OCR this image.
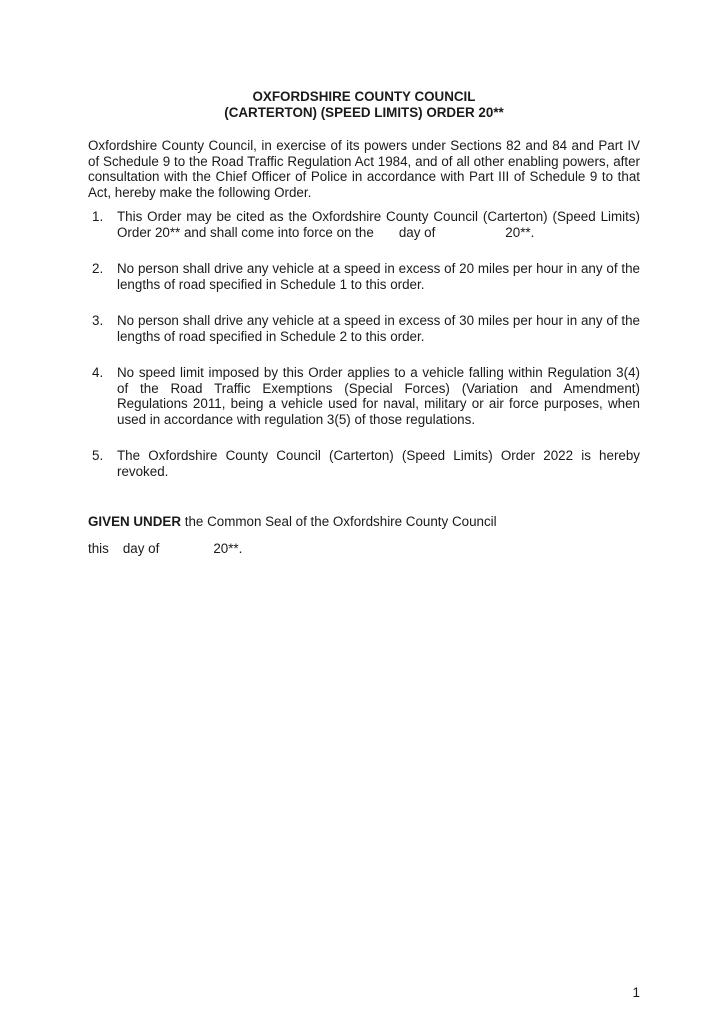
OXFORDSHIRE COUNTY COUNCIL
(CARTERTON) (SPEED LIMITS) ORDER 20**

Oxfordshire County Council, in exercise of its powers under Sections 82 and 84 and Part IV of Schedule 9 to the Road Traffic Regulation Act 1984, and of all other enabling powers, after consultation with the Chief Officer of Police in accordance with Part III of Schedule 9 to that Act, hereby make the following Order.

1.	This Order may be cited as the Oxfordshire County Council (Carterton) (Speed Limits) Order 20** and shall come into force on the day of	20**.
2.	No person shall drive any vehicle at a speed in excess of 20 miles per hour in any of the lengths of road specified in Schedule 1 to this order.
3.	No person shall drive any vehicle at a speed in excess of 30 miles per hour in any of the lengths of road specified in Schedule 2 to this order.
4.	No speed limit imposed by this Order applies to a vehicle falling within Regulation 3(4) of the Road Traffic Exemptions (Special Forces) (Variation and Amendment) Regulations 2011, being a vehicle used for naval, military or air force purposes, when used in accordance with regulation 3(5) of those regulations.
5.	The Oxfordshire County Council (Carterton) (Speed Limits) Order 2022 is hereby revoked.

GIVEN UNDER the Common Seal of the Oxfordshire County Council

this day of	20**.

1
